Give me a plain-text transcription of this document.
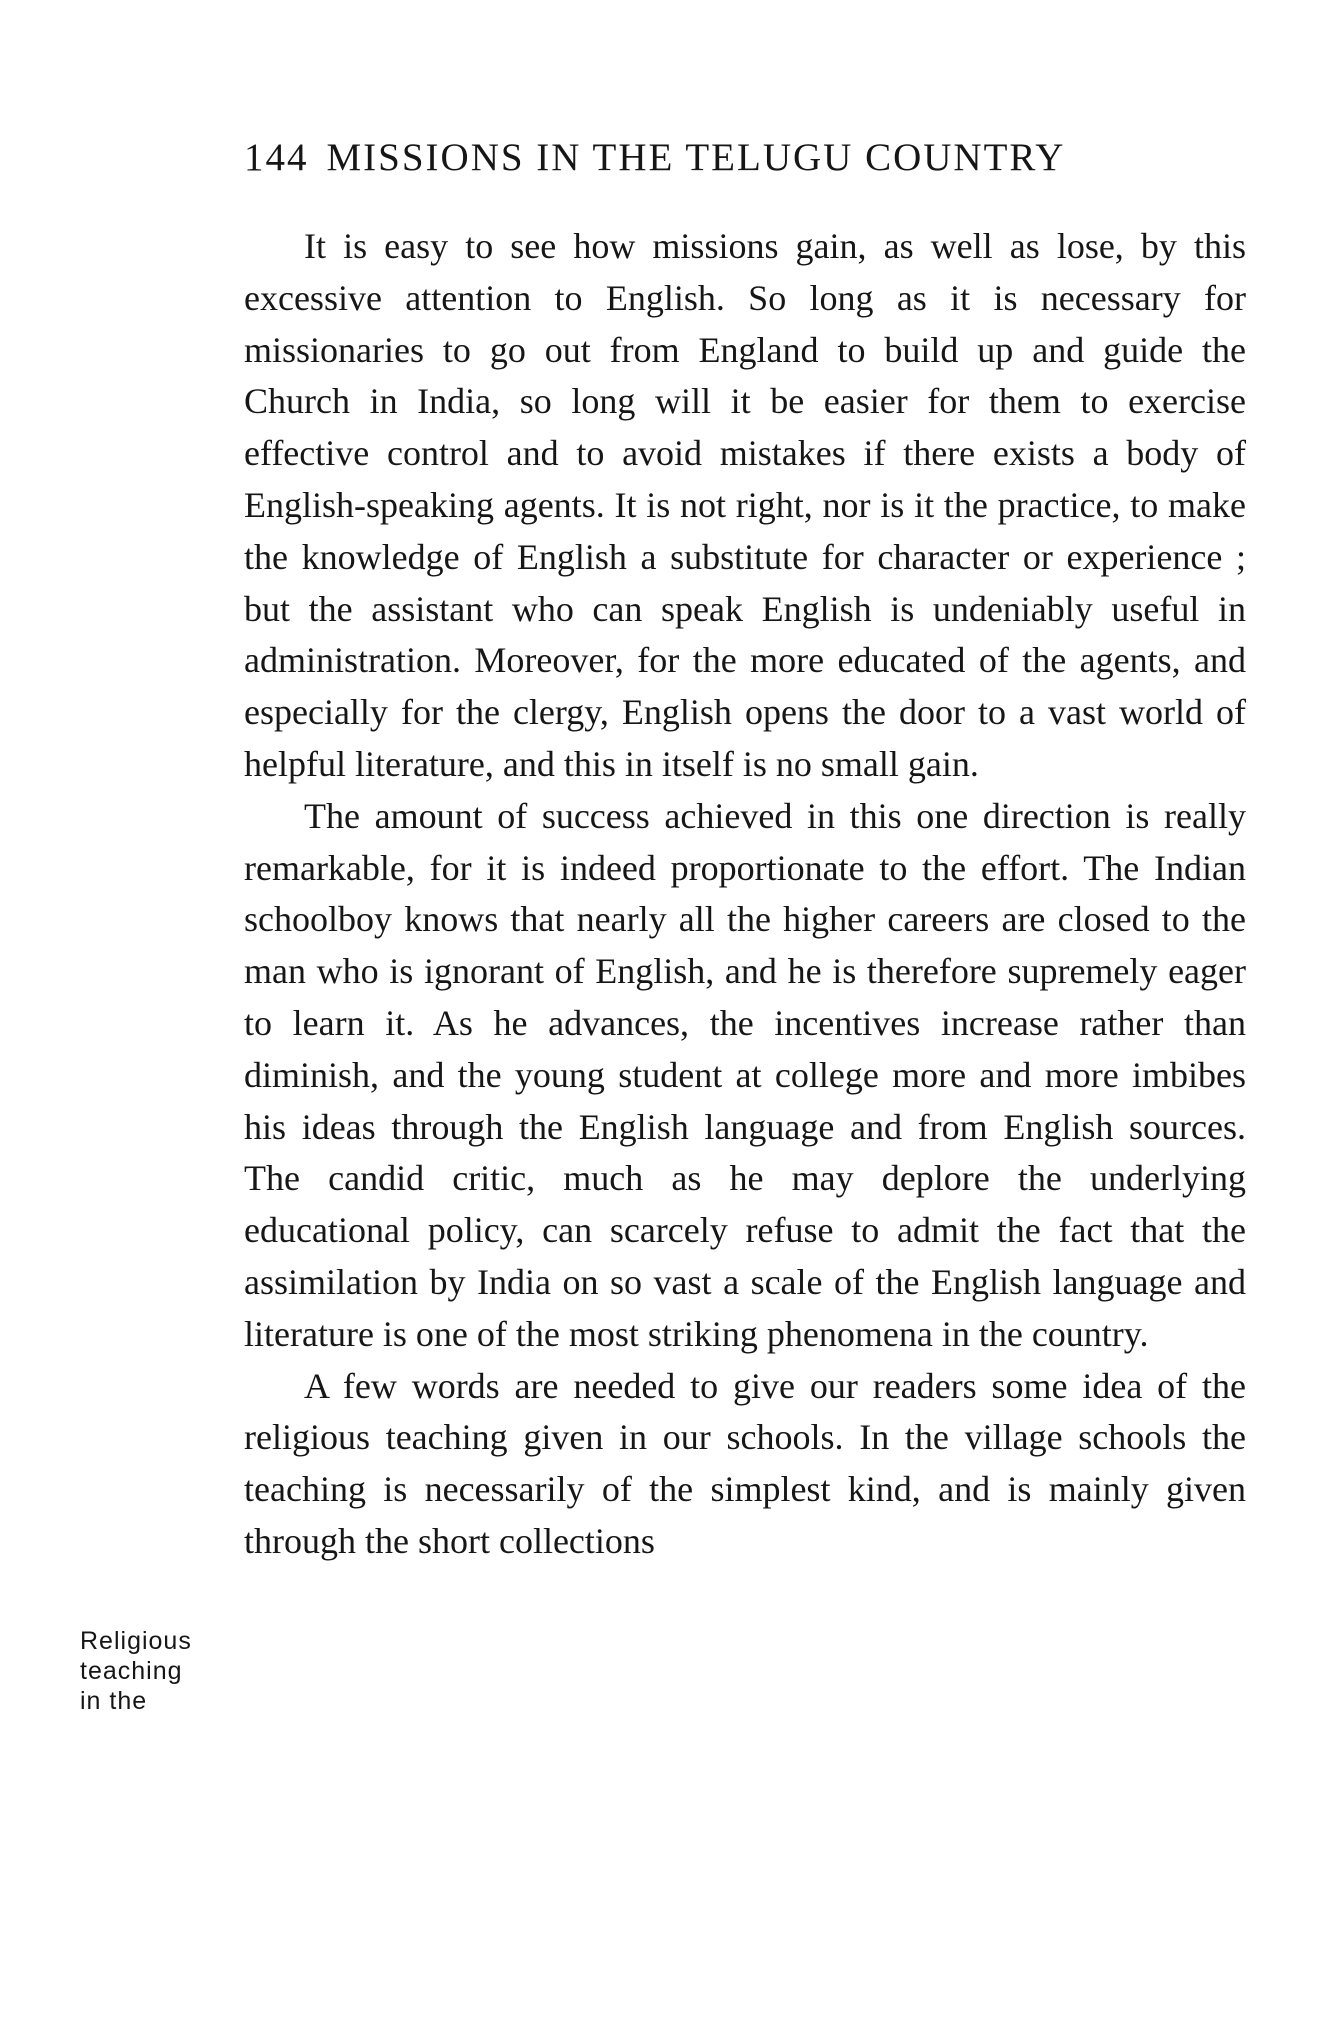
144 MISSIONS IN THE TELUGU COUNTRY

It is easy to see how missions gain, as well as lose, by this excessive attention to English. So long as it is necessary for missionaries to go out from England to build up and guide the Church in India, so long will it be easier for them to exercise effective control and to avoid mistakes if there exists a body of English-speaking agents. It is not right, nor is it the practice, to make the knowledge of English a substitute for character or experience ; but the assistant who can speak English is undeniably useful in administration. Moreover, for the more educated of the agents, and especially for the clergy, English opens the door to a vast world of helpful literature, and this in itself is no small gain.

The amount of success achieved in this one direction is really remarkable, for it is indeed proportionate to the effort. The Indian schoolboy knows that nearly all the higher careers are closed to the man who is ignorant of English, and he is therefore supremely eager to learn it. As he advances, the incentives increase rather than diminish, and the young student at college more and more imbibes his ideas through the English language and from English sources. The candid critic, much as he may deplore the underlying educational policy, can scarcely refuse to admit the fact that the assimilation by India on so vast a scale of the English language and literature is one of the most striking phenomena in the country.

A few words are needed to give our readers some idea of the religious teaching given in our schools. In the village schools the teaching is necessarily of the simplest kind, and is mainly given through the short collections

Religious
teaching
in the
